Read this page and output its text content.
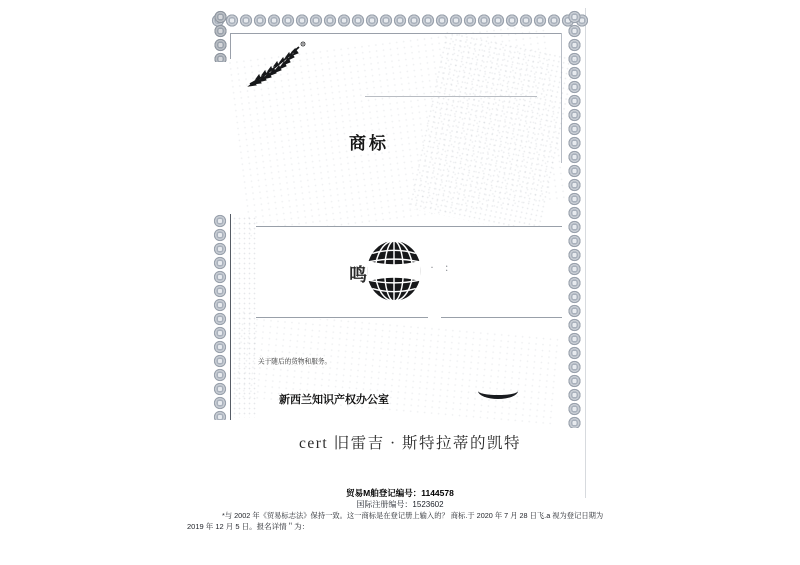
商标
鸣	· :
关于随后的货物和服务。
新西兰知识产权办公室
cert 旧雷吉 · 斯特拉蒂的凯特
贸易M舶登记编号：1144578
国际注册编号：1523602
*与 2002 年《贸易标志法》保持一致。这一商标是在登记册上输入的？ 商标.于 2020 年 7 月 28 日飞.a 视为登记日期为
2019 年 12 月 5 日。报名详情＂为：
